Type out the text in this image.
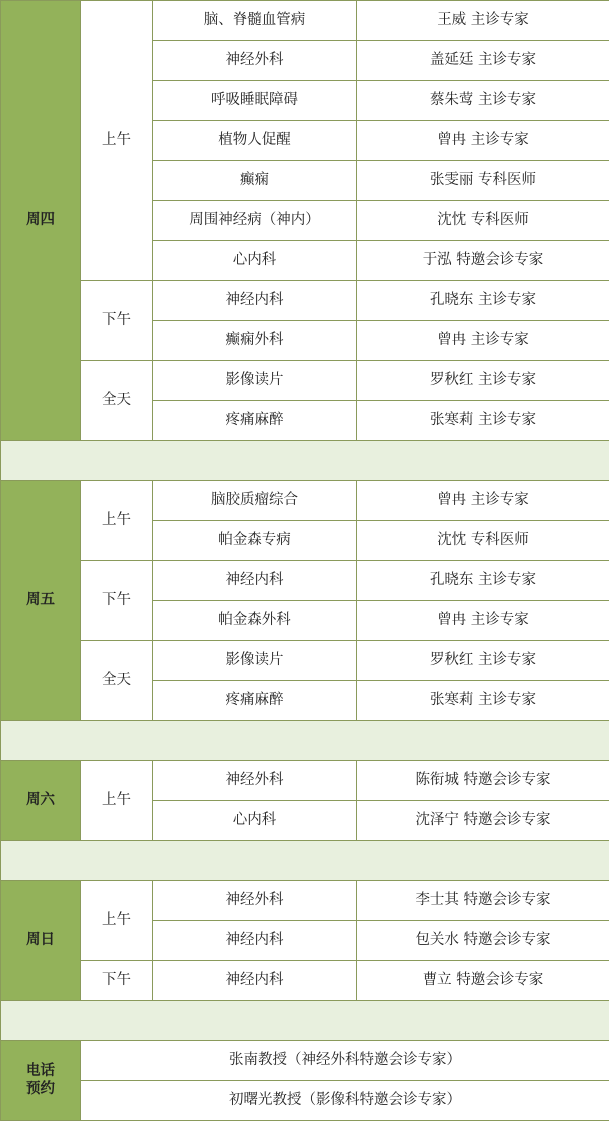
周四	上午	脑、脊髓血管病	王威 主诊专家
		神经外科	盖延廷 主诊专家
		呼吸睡眠障碍	蔡朱莺 主诊专家
		植物人促醒	曾冉 主诊专家
		癫痫	张雯丽 专科医师
		周围神经病（神内）	沈忱 专科医师
		心内科	于泓 特邀会诊专家
	下午	神经内科	孔晓东 主诊专家
		癫痫外科	曾冉 主诊专家
	全天	影像读片	罗秋红 主诊专家
		疼痛麻醉	张寒莉 主诊专家

周五	上午	脑胶质瘤综合	曾冉 主诊专家
		帕金森专病	沈忱 专科医师
	下午	神经内科	孔晓东 主诊专家
		帕金森外科	曾冉 主诊专家
	全天	影像读片	罗秋红 主诊专家
		疼痛麻醉	张寒莉 主诊专家

周六	上午	神经外科	陈衔城 特邀会诊专家
		心内科	沈泽宁 特邀会诊专家

周日	上午	神经外科	李士其 特邀会诊专家
		神经内科	包关水 特邀会诊专家
	下午	神经内科	曹立 特邀会诊专家

电话
预约	张南教授（神经外科特邀会诊专家）		
	初曙光教授（影像科特邀会诊专家）		
